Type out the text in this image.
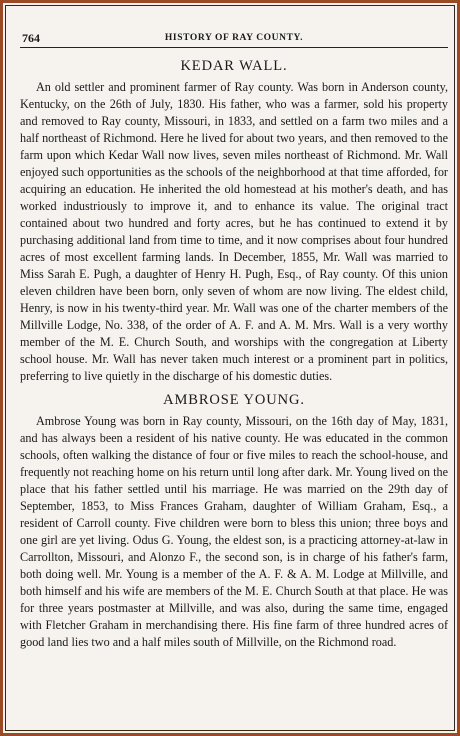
764	HISTORY OF RAY COUNTY.
KEDAR WALL.

An old settler and prominent farmer of Ray county. Was born in Anderson county, Kentucky, on the 26th of July, 1830. His father, who was a farmer, sold his property and removed to Ray county, Missouri, in 1833, and settled on a farm two miles and a half northeast of Richmond. Here he lived for about two years, and then removed to the farm upon which Kedar Wall now lives, seven miles northeast of Richmond. Mr. Wall enjoyed such opportunities as the schools of the neighborhood at that time afforded, for acquiring an education. He inherited the old homestead at his mother's death, and has worked industriously to improve it, and to enhance its value. The original tract contained about two hundred and forty acres, but he has continued to extend it by purchasing additional land from time to time, and it now comprises about four hundred acres of most excellent farming lands. In December, 1855, Mr. Wall was married to Miss Sarah E. Pugh, a daughter of Henry H. Pugh, Esq., of Ray county. Of this union eleven children have been born, only seven of whom are now living. The eldest child, Henry, is now in his twenty-third year. Mr. Wall was one of the charter members of the Millville Lodge, No. 338, of the order of A. F. and A. M. Mrs. Wall is a very worthy member of the M. E. Church South, and worships with the congregation at Liberty school house. Mr. Wall has never taken much interest or a prominent part in politics, preferring to live quietly in the discharge of his domestic duties.

AMBROSE YOUNG.

Ambrose Young was born in Ray county, Missouri, on the 16th day of May, 1831, and has always been a resident of his native county. He was educated in the common schools, often walking the distance of four or five miles to reach the school-house, and frequently not reaching home on his return until long after dark. Mr. Young lived on the place that his father settled until his marriage. He was married on the 29th day of September, 1853, to Miss Frances Graham, daughter of William Graham, Esq., a resident of Carroll county. Five children were born to bless this union; three boys and one girl are yet living. Odus G. Young, the eldest son, is a practicing attorney-at-law in Carrollton, Missouri, and Alonzo F., the second son, is in charge of his father's farm, both doing well. Mr. Young is a member of the A. F. & A. M. Lodge at Millville, and both himself and his wife are members of the M. E. Church South at that place. He was for three years postmaster at Millville, and was also, during the same time, engaged with Fletcher Graham in merchandising there. His fine farm of three hundred acres of good land lies two and a half miles south of Millville, on the Richmond road.
